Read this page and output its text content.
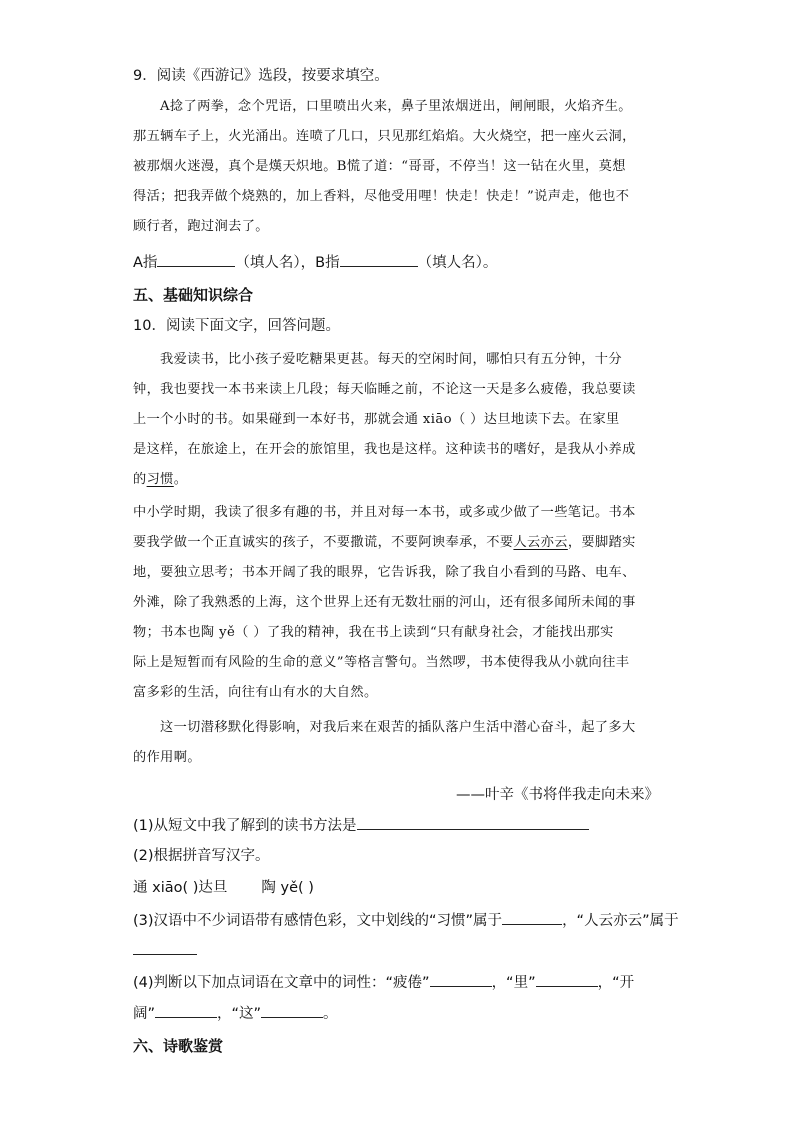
9．阅读《西游记》选段，按要求填空。
A捻了两拳，念个咒语，口里喷出火来，鼻子里浓烟迸出，闸闸眼，火焰齐生。
那五辆车子上，火光涌出。连喷了几口，只见那红焰焰。大火烧空，把一座火云洞，
被那烟火迷漫，真个是熯天炽地。B慌了道：“哥哥，不停当！这一钻在火里，莫想
得活；把我弄做个烧熟的，加上香料，尽他受用哩！快走！快走！”说声走，他也不
顾行者，跑过涧去了。
A指	（填人名），B指	（填人名）。
五、基础知识综合
10．阅读下面文字，回答问题。
我爱读书，比小孩子爱吃糖果更甚。每天的空闲时间，哪怕只有五分钟，十分
钟，我也要找一本书来读上几段；每天临睡之前，不论这一天是多么疲倦，我总要读
上一个小时的书。如果碰到一本好书，那就会通 xiāo（ ）达旦地读下去。在家里
是这样，在旅途上，在开会的旅馆里，我也是这样。这种读书的嗜好，是我从小养成
的习惯。
中小学时期，我读了很多有趣的书，并且对每一本书，或多或少做了一些笔记。书本
要我学做一个正直诚实的孩子，不要撒谎，不要阿谀奉承，不要人云亦云，要脚踏实
地，要独立思考；书本开阔了我的眼界，它告诉我，除了我自小看到的马路、电车、
外滩，除了我熟悉的上海，这个世界上还有无数壮丽的河山，还有很多闻所未闻的事
物；书本也陶 yě（ ）了我的精神，我在书上读到“只有献身社会，才能找出那实
际上是短暂而有风险的生命的意义”等格言警句。当然啰，书本使得我从小就向往丰
富多彩的生活，向往有山有水的大自然。
这一切潜移默化得影响，对我后来在艰苦的插队落户生活中潜心奋斗，起了多大
的作用啊。
——叶辛《书将伴我走向未来》
(1)从短文中我了解到的读书方法是
(2)根据拼音写汉字。
通 xiāo( )达旦 陶 yě( )
(3)汉语中不少词语带有感情色彩，文中划线的“习惯”属于	，“人云亦云”属于
(4)判断以下加点词语在文章中的词性：“疲倦”	，“里”	，“开
阔”	，“这”	。
六、诗歌鉴赏
